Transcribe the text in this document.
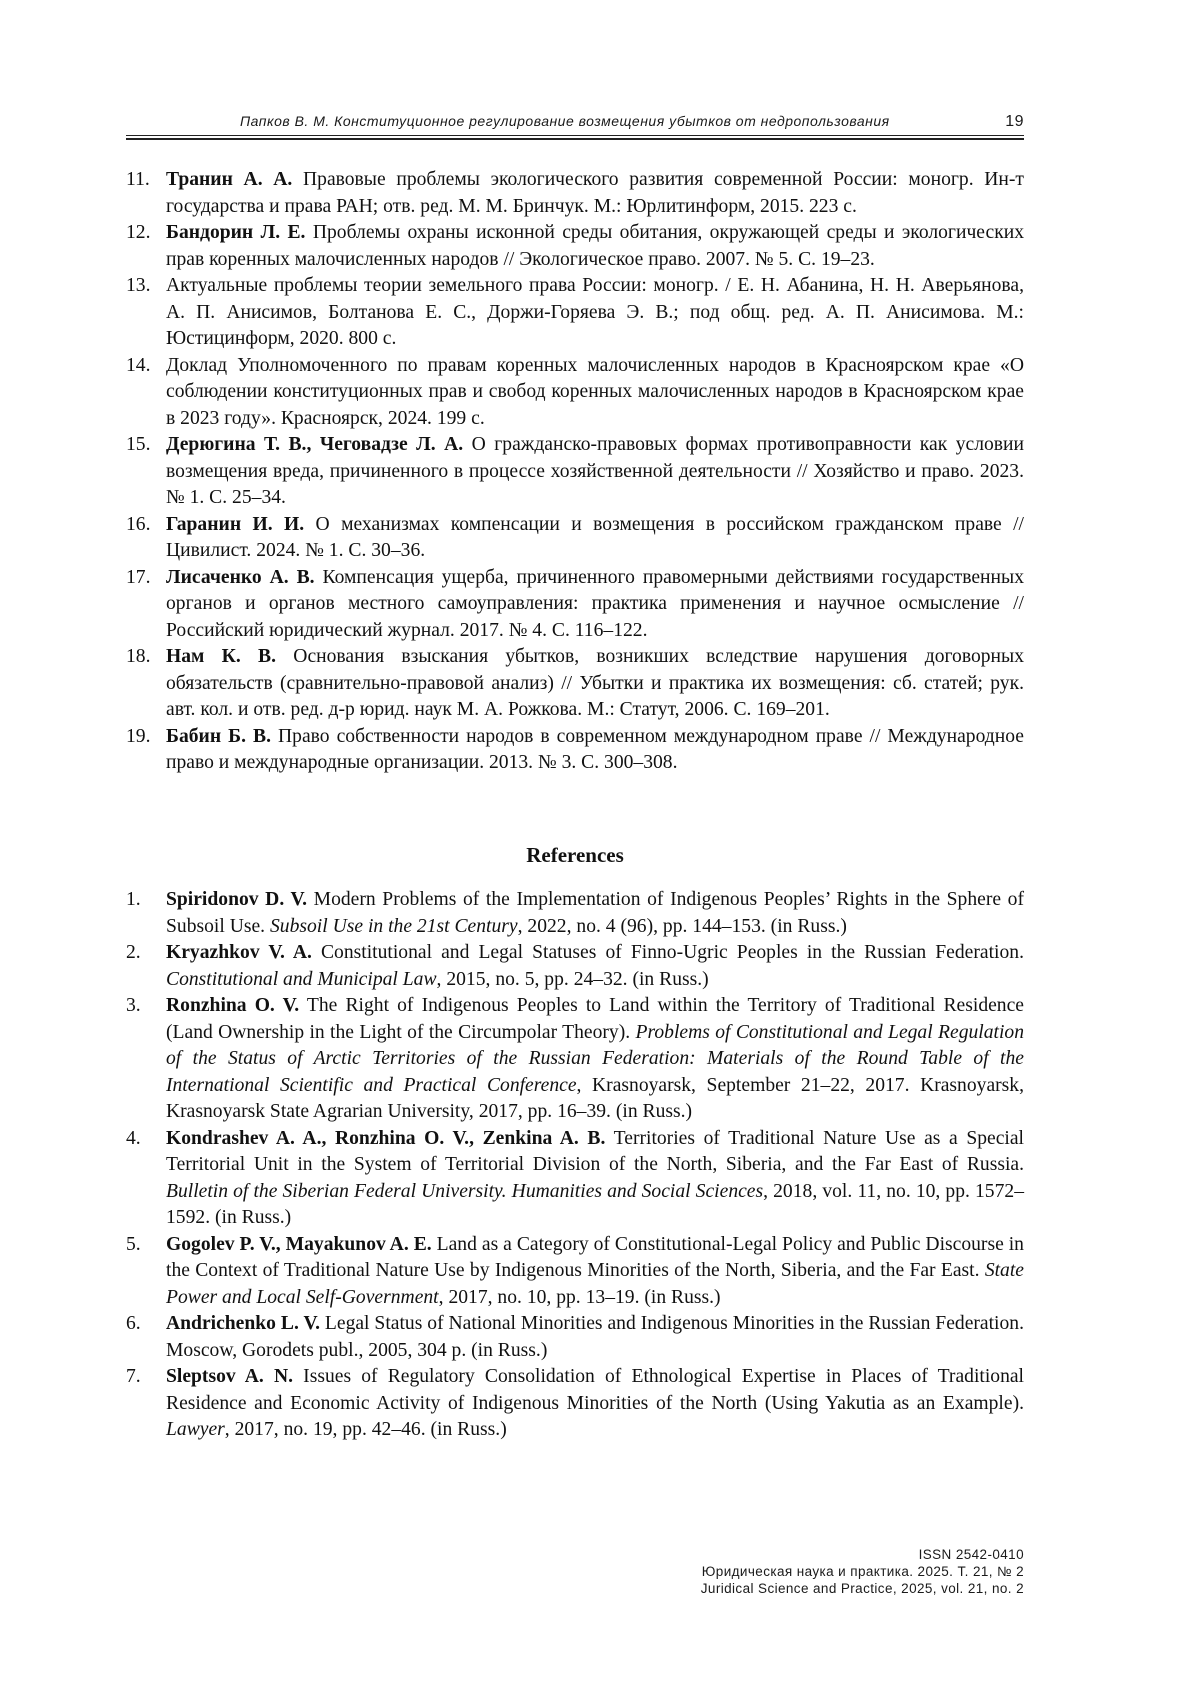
Папков В. М. Конституционное регулирование возмещения убытков от недропользования	19
11. Транин А. А. Правовые проблемы экологического развития современной России: моногр. Ин-т государства и права РАН; отв. ред. М. М. Бринчук. М.: Юрлитинформ, 2015. 223 с.
12. Бандорин Л. Е. Проблемы охраны исконной среды обитания, окружающей среды и экологических прав коренных малочисленных народов // Экологическое право. 2007. № 5. С. 19–23.
13. Актуальные проблемы теории земельного права России: моногр. / Е. Н. Абанина, Н. Н. Аверьянова, А. П. Анисимов, Болтанова Е. С., Доржи-Горяева Э. В.; под общ. ред. А. П. Анисимова. М.: Юстицинформ, 2020. 800 с.
14. Доклад Уполномоченного по правам коренных малочисленных народов в Красноярском крае «О соблюдении конституционных прав и свобод коренных малочисленных народов в Красноярском крае в 2023 году». Красноярск, 2024. 199 с.
15. Дерюгина Т. В., Чеговадзе Л. А. О гражданско-правовых формах противоправности как условии возмещения вреда, причиненного в процессе хозяйственной деятельности // Хозяйство и право. 2023. № 1. С. 25–34.
16. Гаранин И. И. О механизмах компенсации и возмещения в российском гражданском праве // Цивилист. 2024. № 1. С. 30–36.
17. Лисаченко А. В. Компенсация ущерба, причиненного правомерными действиями государственных органов и органов местного самоуправления: практика применения и научное осмысление // Российский юридический журнал. 2017. № 4. С. 116–122.
18. Нам К. В. Основания взыскания убытков, возникших вследствие нарушения договорных обязательств (сравнительно-правовой анализ) // Убытки и практика их возмещения: сб. статей; рук. авт. кол. и отв. ред. д-р юрид. наук М. А. Рожкова. М.: Статут, 2006. С. 169–201.
19. Бабин Б. В. Право собственности народов в современном международном праве // Международное право и международные организации. 2013. № 3. С. 300–308.
References
1. Spiridonov D. V. Modern Problems of the Implementation of Indigenous Peoples’ Rights in the Sphere of Subsoil Use. Subsoil Use in the 21st Century, 2022, no. 4 (96), pp. 144–153. (in Russ.)
2. Kryazhkov V. A. Constitutional and Legal Statuses of Finno-Ugric Peoples in the Russian Federation. Constitutional and Municipal Law, 2015, no. 5, pp. 24–32. (in Russ.)
3. Ronzhina O. V. The Right of Indigenous Peoples to Land within the Territory of Traditional Residence (Land Ownership in the Light of the Circumpolar Theory). Problems of Constitutional and Legal Regulation of the Status of Arctic Territories of the Russian Federation: Materials of the Round Table of the International Scientific and Practical Conference, Krasnoyarsk, September 21–22, 2017. Krasnoyarsk, Krasnoyarsk State Agrarian University, 2017, pp. 16–39. (in Russ.)
4. Kondrashev A. A., Ronzhina O. V., Zenkina A. B. Territories of Traditional Nature Use as a Special Territorial Unit in the System of Territorial Division of the North, Siberia, and the Far East of Russia. Bulletin of the Siberian Federal University. Humanities and Social Sciences, 2018, vol. 11, no. 10, pp. 1572–1592. (in Russ.)
5. Gogolev P. V., Mayakunov A. E. Land as a Category of Constitutional-Legal Policy and Public Discourse in the Context of Traditional Nature Use by Indigenous Minorities of the North, Siberia, and the Far East. State Power and Local Self-Government, 2017, no. 10, pp. 13–19. (in Russ.)
6. Andrichenko L. V. Legal Status of National Minorities and Indigenous Minorities in the Russian Federation. Moscow, Gorodets publ., 2005, 304 p. (in Russ.)
7. Sleptsov A. N. Issues of Regulatory Consolidation of Ethnological Expertise in Places of Traditional Residence and Economic Activity of Indigenous Minorities of the North (Using Yakutia as an Example). Lawyer, 2017, no. 19, pp. 42–46. (in Russ.)
ISSN 2542-0410
Юридическая наука и практика. 2025. Т. 21, № 2
Juridical Science and Practice, 2025, vol. 21, no. 2
